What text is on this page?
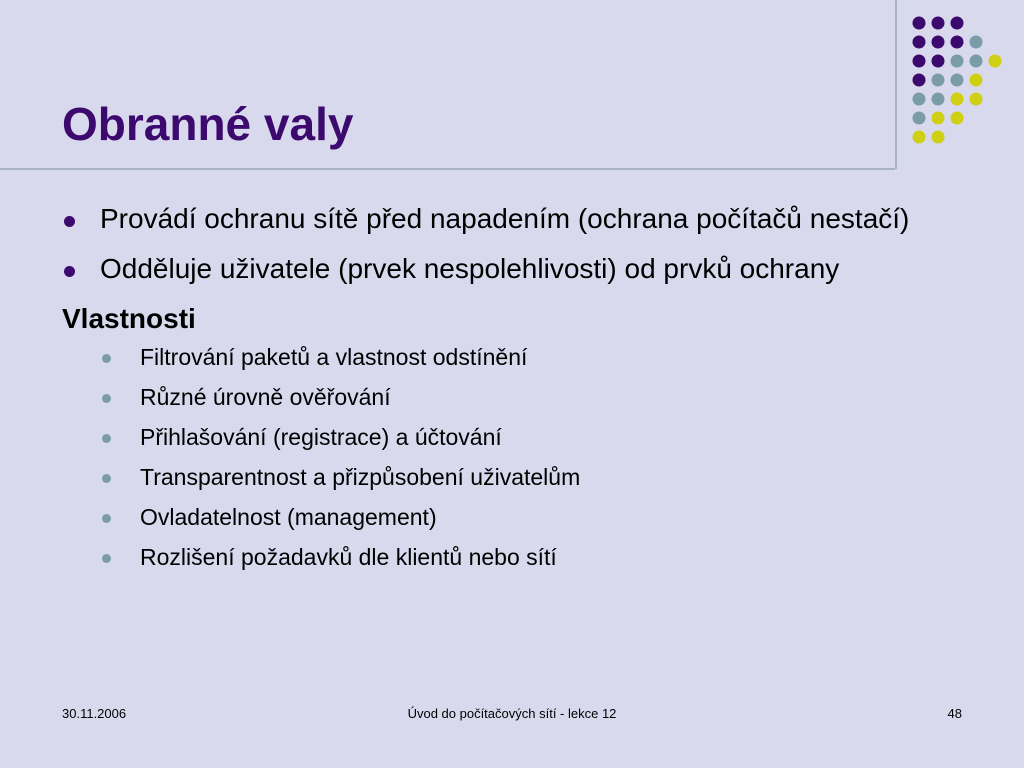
Obranné valy
Provádí ochranu sítě před napadením (ochrana počítačů nestačí)
Odděluje uživatele (prvek nespolehlivosti) od prvků ochrany
Vlastnosti
Filtrování paketů a vlastnost odstínění
Různé úrovně ověřování
Přihlašování (registrace) a účtování
Transparentnost a přizpůsobení uživatelům
Ovladatelnost (management)
Rozlišení požadavků dle klientů nebo sítí
30.11.2006	Úvod do počítačových sítí - lekce 12	48
